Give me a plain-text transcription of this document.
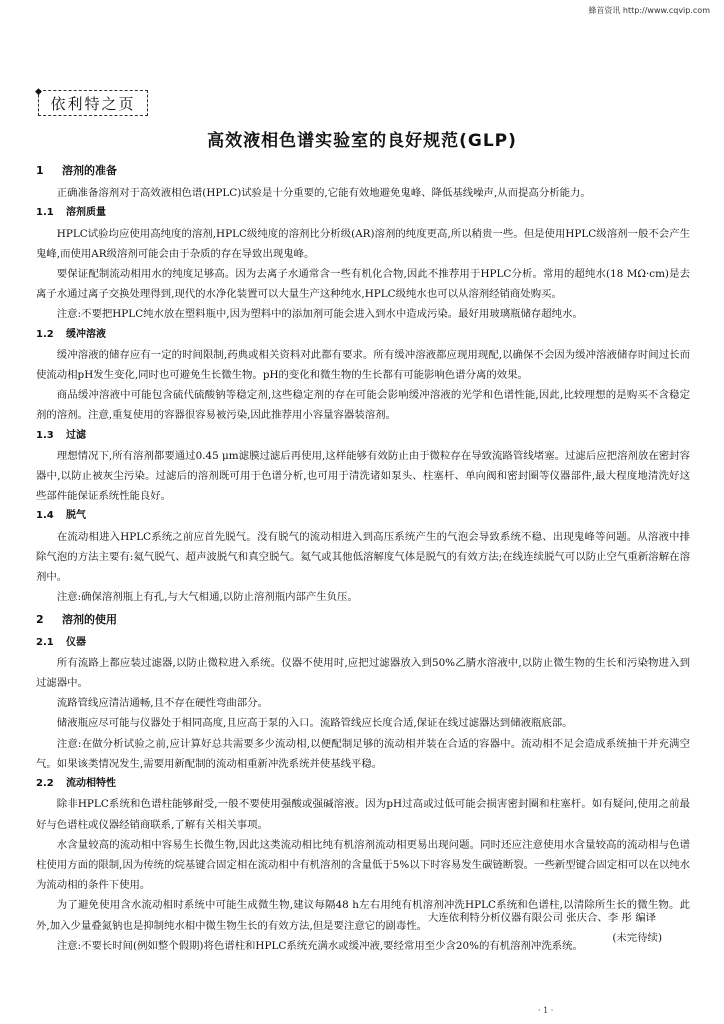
蜂首资讯 http://www.cqvip.com
◆
依利特之页
高效液相色谱实验室的良好规范(GLP)
1 溶剂的准备

正确准备溶剂对于高效液相色谱(HPLC)试验是十分重要的,它能有效地避免鬼峰、降低基线噪声,从而提高分析能力。

1.1 溶剂质量

HPLC试验均应使用高纯度的溶剂,HPLC级纯度的溶剂比分析级(AR)溶剂的纯度更高,所以稍贵一些。但是使用HPLC级溶剂一般不会产生鬼峰,而使用AR级溶剂可能会由于杂质的存在导致出现鬼峰。

要保证配制流动相用水的纯度足够高。因为去离子水通常含一些有机化合物,因此不推荐用于HPLC分析。常用的超纯水(18 MΩ·cm)是去离子水通过离子交换处理得到,现代的水净化装置可以大量生产这种纯水,HPLC级纯水也可以从溶剂经销商处购买。

注意:不要把HPLC纯水放在塑料瓶中,因为塑料中的添加剂可能会进入到水中造成污染。最好用玻璃瓶储存超纯水。

1.2 缓冲溶液

缓冲溶液的储存应有一定的时间限制,药典或相关资料对此都有要求。所有缓冲溶液都应现用现配,以确保不会因为缓冲溶液储存时间过长而使流动相pH发生变化,同时也可避免生长微生物。pH的变化和微生物的生长都有可能影响色谱分离的效果。

商品缓冲溶液中可能包含硫代硫酸钠等稳定剂,这些稳定剂的存在可能会影响缓冲溶液的光学和色谱性能,因此,比较理想的是购买不含稳定剂的溶剂。注意,重复使用的容器很容易被污染,因此推荐用小容量容器装溶剂。

1.3 过滤

理想情况下,所有溶剂都要通过0.45 μm滤膜过滤后再使用,这样能够有效防止由于微粒存在导致流路管线堵塞。过滤后应把溶剂放在密封容器中,以防止被灰尘污染。过滤后的溶剂既可用于色谱分析,也可用于清洗诸如泵头、柱塞杆、单向阀和密封圈等仪器部件,最大程度地清洗好这些部件能保证系统性能良好。

1.4 脱气

在流动相进入HPLC系统之前应首先脱气。没有脱气的流动相进入到高压系统产生的气泡会导致系统不稳、出现鬼峰等问题。从溶液中排除气泡的方法主要有:氦气脱气、超声波脱气和真空脱气。氦气或其他低溶解度气体是脱气的有效方法;在线连续脱气可以防止空气重新溶解在溶剂中。

注意:确保溶剂瓶上有孔,与大气相通,以防止溶剂瓶内部产生负压。

2 溶剂的使用
2.1 仪器

所有流路上都应装过滤器,以防止微粒进入系统。仪器不使用时,应把过滤器放入到50%乙腈水溶液中,以防止微生物的生长和污染物进入到过滤器中。

流路管线应清洁通畅,且不存在硬性弯曲部分。

储液瓶应尽可能与仪器处于相同高度,且应高于泵的入口。流路管线应长度合适,保证在线过滤器达到储液瓶底部。

注意:在做分析试验之前,应计算好总共需要多少流动相,以便配制足够的流动相并装在合适的容器中。流动相不足会造成系统抽干并充满空气。如果该类情况发生,需要用新配制的流动相重新冲洗系统并使基线平稳。

2.2 流动相特性

除非HPLC系统和色谱柱能够耐受,一般不要使用强酸或强碱溶液。因为pH过高或过低可能会损害密封圈和柱塞杆。如有疑问,使用之前最好与色谱柱或仪器经销商联系,了解有关相关事项。

水含量较高的流动相中容易生长微生物,因此这类流动相比纯有机溶剂流动相更易出现问题。同时还应注意使用水含量较高的流动相与色谱柱使用方面的限制,因为传统的烷基键合固定相在流动相中有机溶剂的含量低于5%以下时容易发生碳链断裂。一些新型键合固定相可以在以纯水为流动相的条件下使用。

为了避免使用含水流动相时系统中可能生成微生物,建议每隔48 h左右用纯有机溶剂冲洗HPLC系统和色谱柱,以清除所生长的微生物。此外,加入少量叠氮钠也是抑制纯水相中微生物生长的有效方法,但是要注意它的剧毒性。

注意:不要长时间(例如整个假期)将色谱柱和HPLC系统充满水或缓冲液,要经常用至少含20%的有机溶剂冲洗系统。

大连依利特分析仪器有限公司 张庆合、李 彤 编译
(未完待续)
· 1 ·
